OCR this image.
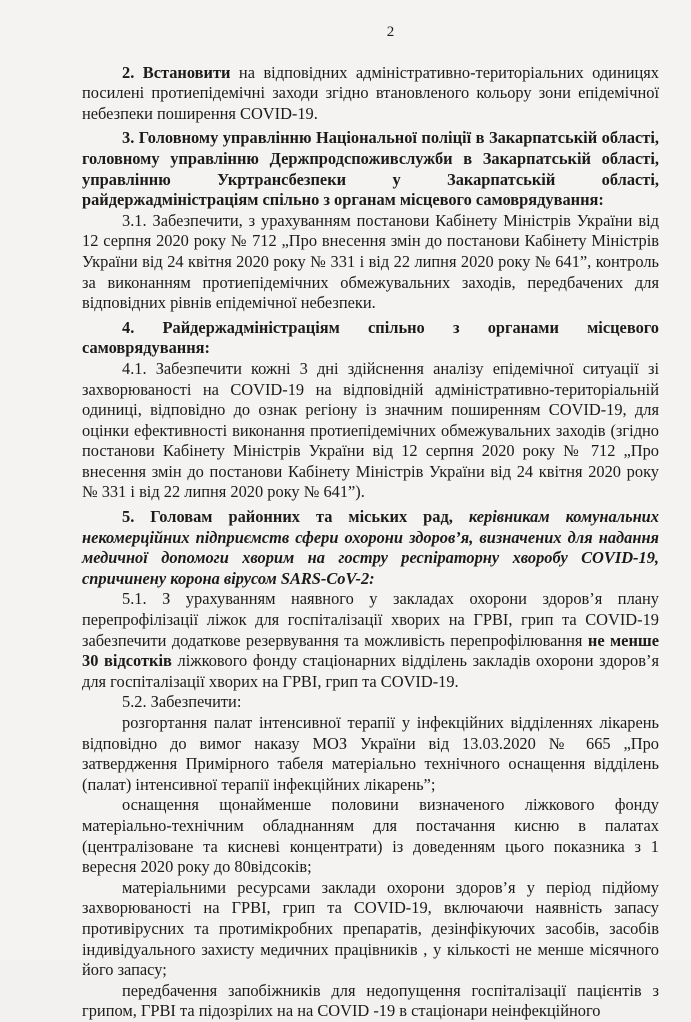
2

2. Встановити на відповідних адміністративно-територіальних одиницях посилені протиепідемічні заходи згідно втановленого кольору зони епідемічної небезпеки поширення COVID-19.

3. Головному управлінню Національної поліції в Закарпатській області, головному управлінню Держпродспоживслужби в Закарпатській області, управлінню Укртрансбезпеки у Закарпатській області, райдержадміністраціям спільно з органам місцевого самоврядування:

3.1. Забезпечити, з урахуванням постанови Кабінету Міністрів України від 12 серпня 2020 року № 712 „Про внесення змін до постанови Кабінету Міністрів України від 24 квітня 2020 року № 331 і від 22 липня 2020 року № 641”, контроль за виконанням протиепідемічних обмежувальних заходів, передбачених для відповідних рівнів епідемічної небезпеки.

4. Райдержадміністраціям спільно з органами місцевого самоврядування:

4.1. Забезпечити кожні 3 дні здійснення аналізу епідемічної ситуації зі захворюваності на COVID-19 на відповідній адміністративно-територіальній одиниці, відповідно до ознак регіону із значним поширенням COVID-19, для оцінки ефективності виконання протиепідемічних обмежувальних заходів (згідно постанови Кабінету Міністрів України від 12 серпня 2020 року № 712 „Про внесення змін до постанови Кабінету Міністрів України від 24 квітня 2020 року № 331 і від 22 липня 2020 року № 641”).

5. Головам районних та міських рад, керівникам комунальних некомерційних підприємств сфери охорони здоров’я, визначених для надання медичної допомоги хворим на гостру респіраторну хворобу COVID-19, спричинену корона вірусом SARS-CoV-2:

5.1. З урахуванням наявного у закладах охорони здоров’я плану перепрофілізації ліжок для госпіталізації хворих на ГРВІ, грип та COVID-19 забезпечити додаткове резервування та можливість перепрофілювання не менше 30 відсотків ліжкового фонду стаціонарних відділень закладів охорони здоров’я для госпіталізації хворих на ГРВІ, грип та COVID-19.

5.2. Забезпечити:

розгортання палат інтенсивної терапії у інфекційних відділеннях лікарень відповідно до вимог наказу МОЗ України від 13.03.2020 № 665 „Про затвердження Примірного табеля матеріально технічного оснащення відділень (палат) інтенсивної терапії інфекційних лікарень”;

оснащення щонайменше половини визначеного ліжкового фонду матеріально-технічним обладнанням для постачання кисню в палатах (централізоване та кисневі концентрати) із доведенням цього показника з 1 вересня 2020 року до 80відсоків;

матеріальними ресурсами заклади охорони здоров’я у період підйому захворюваності на ГРВІ, грип та COVID-19, включаючи наявність запасу противірусних та протимікробних препаратів, дезінфікуючих засобів, засобів індивідуального захисту медичних працівників , у кількості не менше місячного його запасу;

передбачення запобіжників для недопущення госпіталізації пацієнтів з грипом, ГРВІ та підозрілих на на COVID -19 в стаціонари неінфекційного
